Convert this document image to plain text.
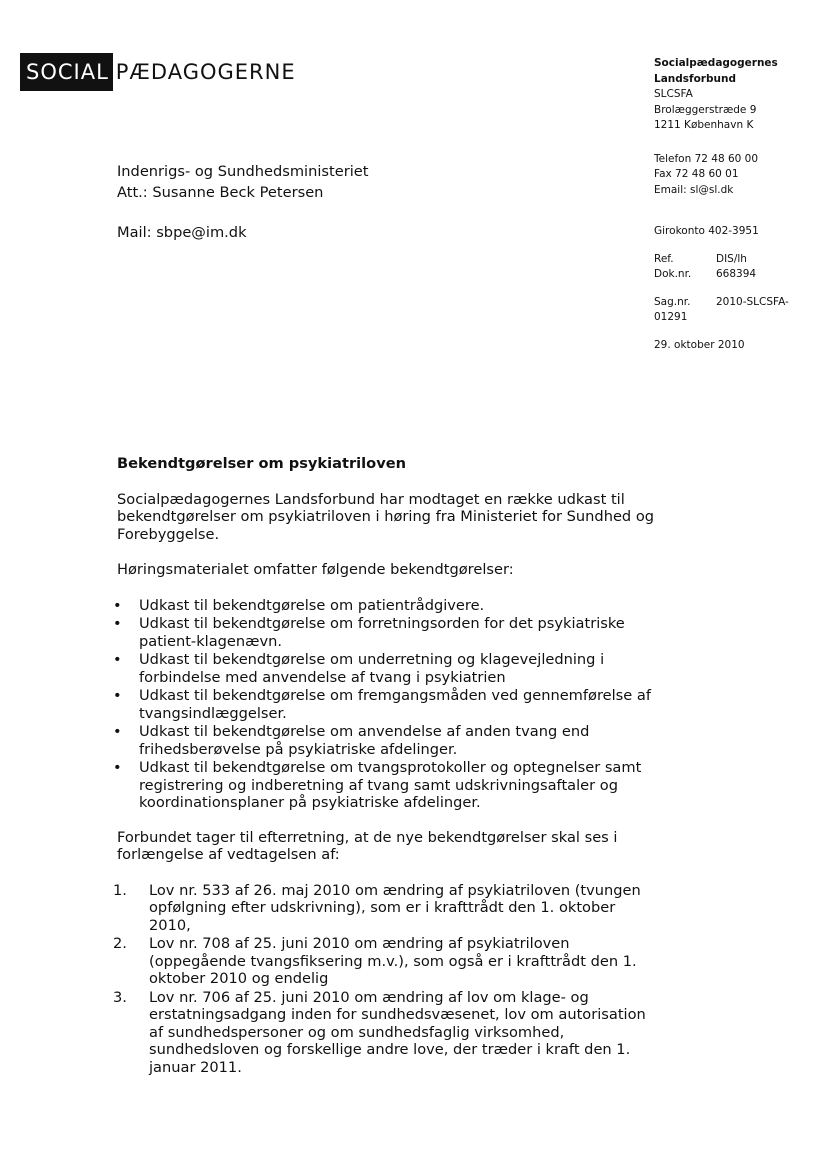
SOCIAL PÆDAGOGERNE	Socialpædagogernes
Landsforbund
SLCSFA
Brolæggerstræde 9
1211 København K
Telefon 72 48 60 00
Fax 72 48 60 01
Email: sl@sl.dk
Girokonto 402-3951
Ref.	DIS/lh
Dok.nr.	668394
Sag.nr.	2010-SLCSFA-
01291
29. oktober 2010
Indenrigs- og Sundhedsministeriet
Att.: Susanne Beck Petersen
Mail: sbpe@im.dk
Bekendtgørelser om psykiatriloven

Socialpædagogernes Landsforbund har modtaget en række udkast til bekendtgørelser om psykiatriloven i høring fra Ministeriet for Sundhed og Forebyggelse.

Høringsmaterialet omfatter følgende bekendtgørelser:

• Udkast til bekendtgørelse om patientrådgivere.
• Udkast til bekendtgørelse om forretningsorden for det psykiatriske patient-klagenævn.
• Udkast til bekendtgørelse om underretning og klagevejledning i forbindelse med anvendelse af tvang i psykiatrien
• Udkast til bekendtgørelse om fremgangsmåden ved gennemførelse af tvangsindlæggelser.
• Udkast til bekendtgørelse om anvendelse af anden tvang end frihedsberøvelse på psykiatriske afdelinger.
• Udkast til bekendtgørelse om tvangsprotokoller og optegnelser samt registrering og indberetning af tvang samt udskrivningsaftaler og koordinationsplaner på psykiatriske afdelinger.

Forbundet tager til efterretning, at de nye bekendtgørelser skal ses i forlængelse af vedtagelsen af:

1. Lov nr. 533 af 26. maj 2010 om ændring af psykiatriloven (tvungen opfølgning efter udskrivning), som er i krafttrådt den 1. oktober 2010,
2. Lov nr. 708 af 25. juni 2010 om ændring af psykiatriloven (oppegående tvangsfiksering m.v.), som også er i krafttrådt den 1. oktober 2010 og endelig
3. Lov nr. 706 af 25. juni 2010 om ændring af lov om klage- og erstatningsadgang inden for sundhedsvæsenet, lov om autorisation af sundhedspersoner og om sundhedsfaglig virksomhed, sundhedsloven og forskellige andre love, der træder i kraft den 1. januar 2011.
